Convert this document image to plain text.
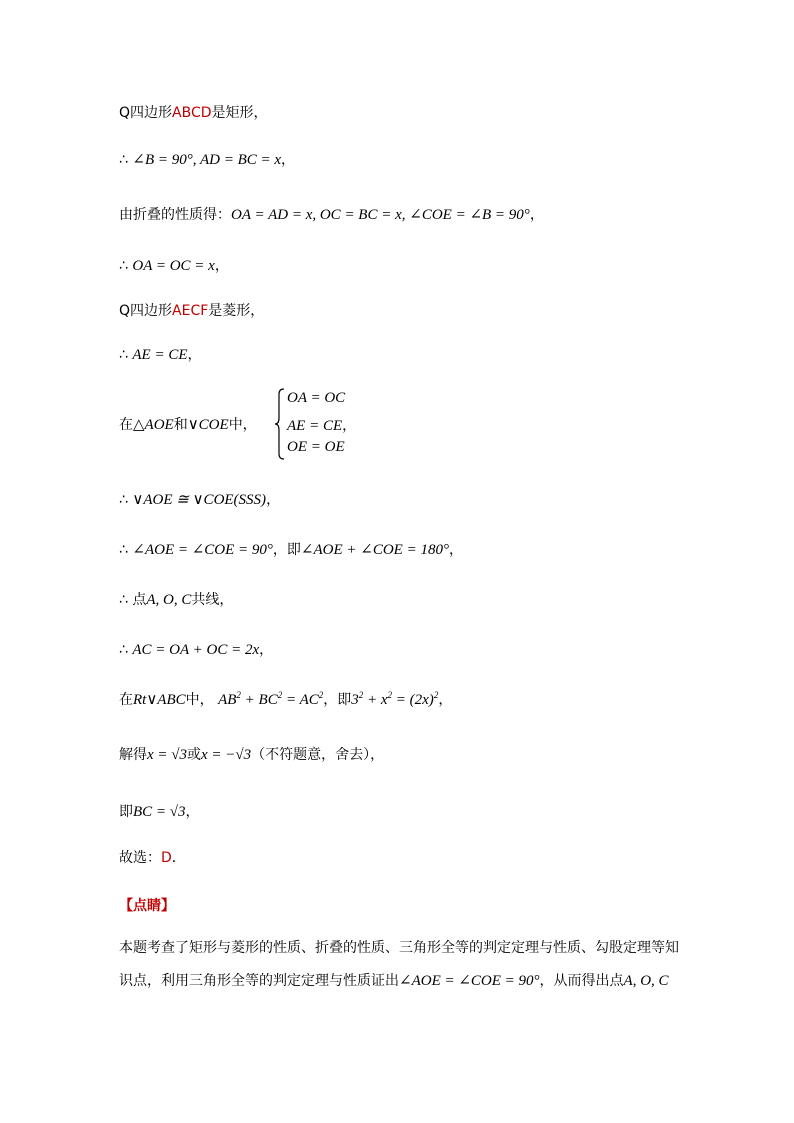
Q四边形ABCD是矩形，
∴ ∠B = 90°, AD = BC = x，
由折叠的性质得：OA = AD = x, OC = BC = x, ∠COE = ∠B = 90°，
∴ OA = OC = x，
Q四边形AECF是菱形，
∴ AE = CE，
在△AOE和∨COE中，
OA = OC
AE = CE，
OE = OE
∴ ∨AOE ≅ ∨COE(SSS)，
∴ ∠AOE = ∠COE = 90°，即∠AOE + ∠COE = 180°，
∴ 点A, O, C共线，
∴ AC = OA + OC = 2x，
在Rt∨ABC中， $AB^2 + BC^2 = AC^2$，即$3^2 + x^2 = (2x)^2$，
解得x = √3或x = −√3（不符题意，舍去），
即BC = √3，
故选：D．
【点睛】
本题考查了矩形与菱形的性质、折叠的性质、三角形全等的判定定理与性质、勾股定理等知
识点，利用三角形全等的判定定理与性质证出∠AOE = ∠COE = 90°，从而得出点A, O, C
